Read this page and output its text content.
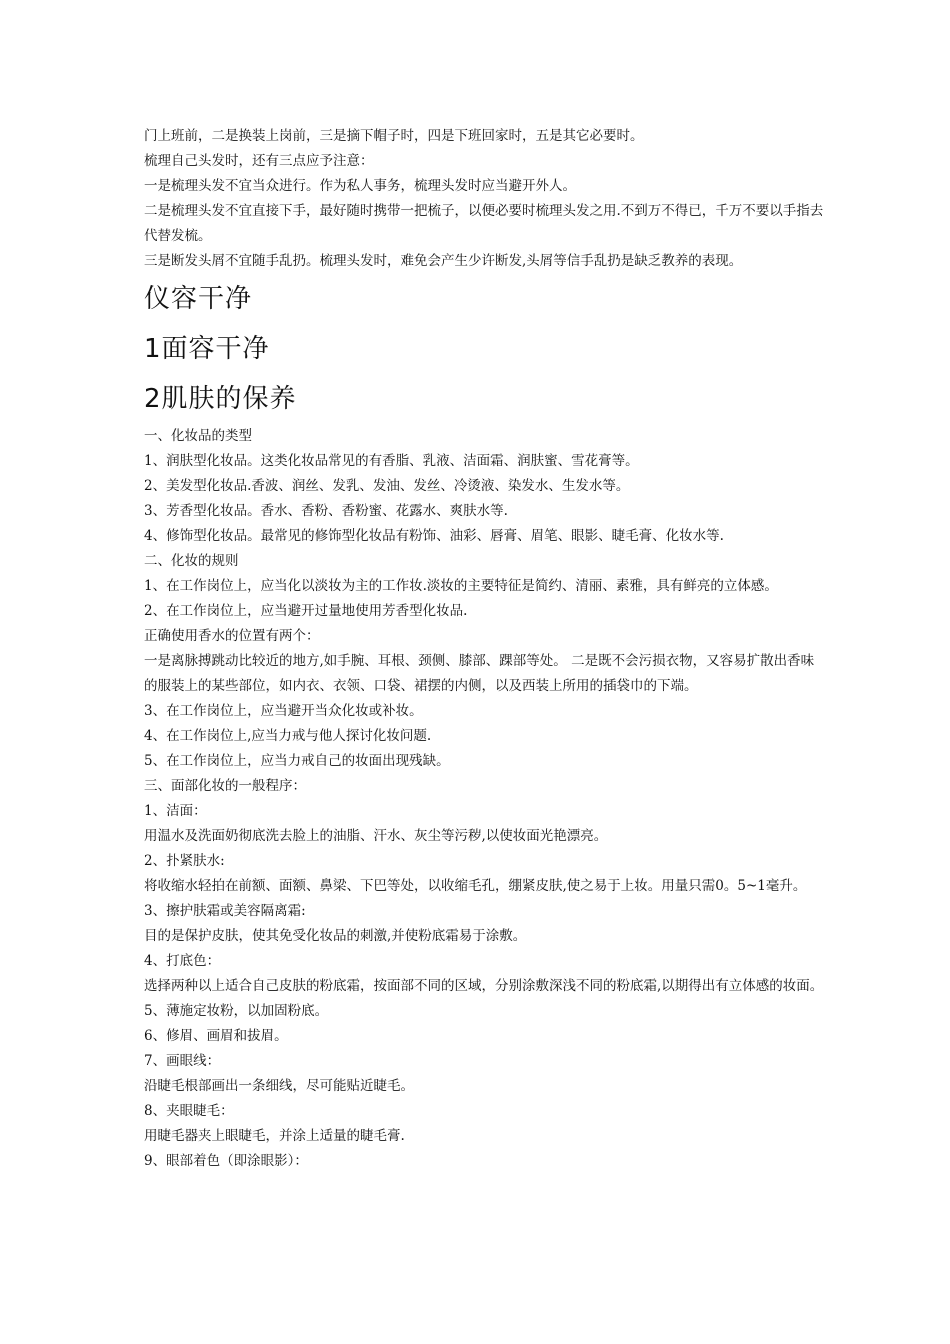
门上班前，二是换装上岗前，三是摘下帽子时，四是下班回家时，五是其它必要时。

梳理自己头发时，还有三点应予注意：

一是梳理头发不宜当众进行。作为私人事务，梳理头发时应当避开外人。

二是梳理头发不宜直接下手，最好随时携带一把梳子，以便必要时梳理头发之用.不到万不得已，千万不要以手指去代替发梳。

三是断发头屑不宜随手乱扔。梳理头发时，难免会产生少许断发,头屑等信手乱扔是缺乏教养的表现。

仪容干净
1面容干净
2肌肤的保养

一、化妆品的类型

1、润肤型化妆品。这类化妆品常见的有香脂、乳液、洁面霜、润肤蜜、雪花膏等。

2、美发型化妆品.香波、润丝、发乳、发油、发丝、冷烫液、染发水、生发水等。

3、芳香型化妆品。香水、香粉、香粉蜜、花露水、爽肤水等.

4、修饰型化妆品。最常见的修饰型化妆品有粉饰、油彩、唇膏、眉笔、眼影、睫毛膏、化妆水等.

二、化妆的规则

1、在工作岗位上，应当化以淡妆为主的工作妆.淡妆的主要特征是简约、清丽、素雅，具有鲜亮的立体感。

2、在工作岗位上，应当避开过量地使用芳香型化妆品.

正确使用香水的位置有两个：

一是离脉搏跳动比较近的地方,如手腕、耳根、颈侧、膝部、踝部等处。 二是既不会污损衣物，又容易扩散出香味的服装上的某些部位，如内衣、衣领、口袋、裙摆的内侧，以及西装上所用的插袋巾的下端。

3、在工作岗位上，应当避开当众化妆或补妆。

4、在工作岗位上,应当力戒与他人探讨化妆问题.

5、在工作岗位上，应当力戒自己的妆面出现残缺。

三、面部化妆的一般程序：

1、洁面：

用温水及洗面奶彻底洗去脸上的油脂、汗水、灰尘等污秽,以使妆面光艳漂亮。

2、扑紧肤水:

将收缩水轻拍在前额、面额、鼻梁、下巴等处，以收缩毛孔，绷紧皮肤,使之易于上妆。用量只需0。5~1毫升。

3、擦护肤霜或美容隔离霜:

目的是保护皮肤，使其免受化妆品的刺激,并使粉底霜易于涂敷。

4、打底色：

选择两种以上适合自己皮肤的粉底霜，按面部不同的区域，分别涂敷深浅不同的粉底霜,以期得出有立体感的妆面。

5、薄施定妆粉，以加固粉底。

6、修眉、画眉和拔眉。

7、画眼线：

沿睫毛根部画出一条细线，尽可能贴近睫毛。

8、夹眼睫毛：

用睫毛器夹上眼睫毛，并涂上适量的睫毛膏.

9、眼部着色（即涂眼影）：
